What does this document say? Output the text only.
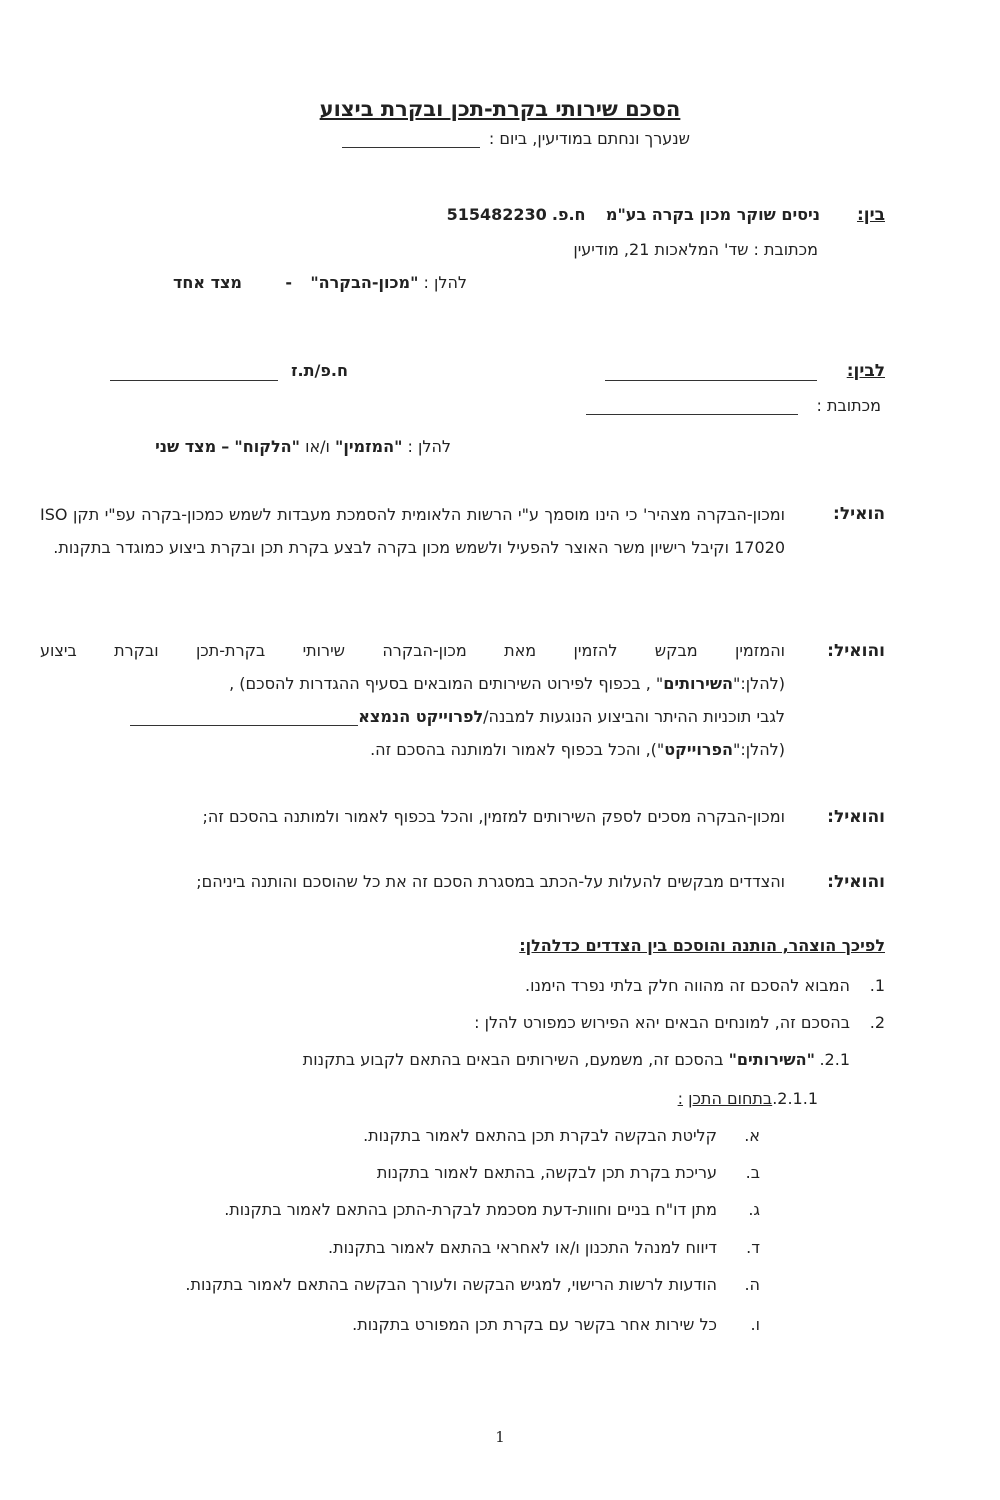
הסכם שירותי בקרת-תכן ובקרת ביצוע
שנערך ונחתם במודיעין, ביום :
בין:
ניסים שוקר מכון בקרה בע"מ    ח.פ. 515482230
מכתובת : שד' המלאכות 21, מודיעין
להלן : "מכון-הבקרה"
-
מצד אחד
לבין:
ח.פ/ת.ז
מכתובת :
להלן : "המזמין" ו/או "הלקוח" – מצד שני
הואיל:
ומכון-הבקרה מצהיר' כי הינו מוסמך ע"י הרשות הלאומית להסמכת מעבדות לשמש כמכון-בקרה עפ"י תקן ISO 17020 וקיבל רישיון משר האוצר להפעיל ולשמש מכון בקרה לבצע בקרת תכן ובקרת ביצוע כמוגדר בתקנות.
והואיל:
והמזמין מבקש להזמין מאת מכון-הבקרה שירותי בקרת-תכן ובקרת ביצוע
(להלן:"השירותים" , בכפוף לפירוט השירותים המובאים בסעיף ההגדרות להסכם) ,
לגבי תוכניות ההיתר והביצוע הנוגעות למבנה/לפרוייקט הנמצא
(להלן:"הפרוייקט"), והכל בכפוף לאמור ולמותנה בהסכם זה.
והואיל:
ומכון-הבקרה מסכים לספק השירותים למזמין, והכל בכפוף לאמור ולמותנה בהסכם זה;
והואיל:
והצדדים מבקשים להעלות על-הכתב במסגרת הסכם זה את כל שהוסכם והותנה ביניהם;
לפיכך הוצהר, הותנה והוסכם בין הצדדים כדלהלן:
1.
המבוא להסכם זה מהווה חלק בלתי נפרד הימנו.
2.
בהסכם זה, למונחים הבאים יהא הפירוש כמפורט להלן :
2.1.
"השירותים" בהסכם זה, משמעם, השירותים הבאים בהתאם לקבוע בתקנות
2.1.1.בתחום התכן :
א.
קליטת הבקשה לבקרת תכן בהתאם לאמור בתקנות.
ב.
עריכת בקרת תכן לבקשה, בהתאם לאמור בתקנות
ג.
מתן דו"ח בניים וחוות-דעת מסכמת לבקרת-התכן בהתאם לאמור בתקנות.
ד.
דיווח למנהל התכנון ו/או לאחראי בהתאם לאמור בתקנות.
ה.
הודעות לרשות הרישוי, למגיש הבקשה ולעורך הבקשה בהתאם לאמור בתקנות.
ו.
כל שירות אחר בקשר עם בקרת תכן המפורט בתקנות.
1
